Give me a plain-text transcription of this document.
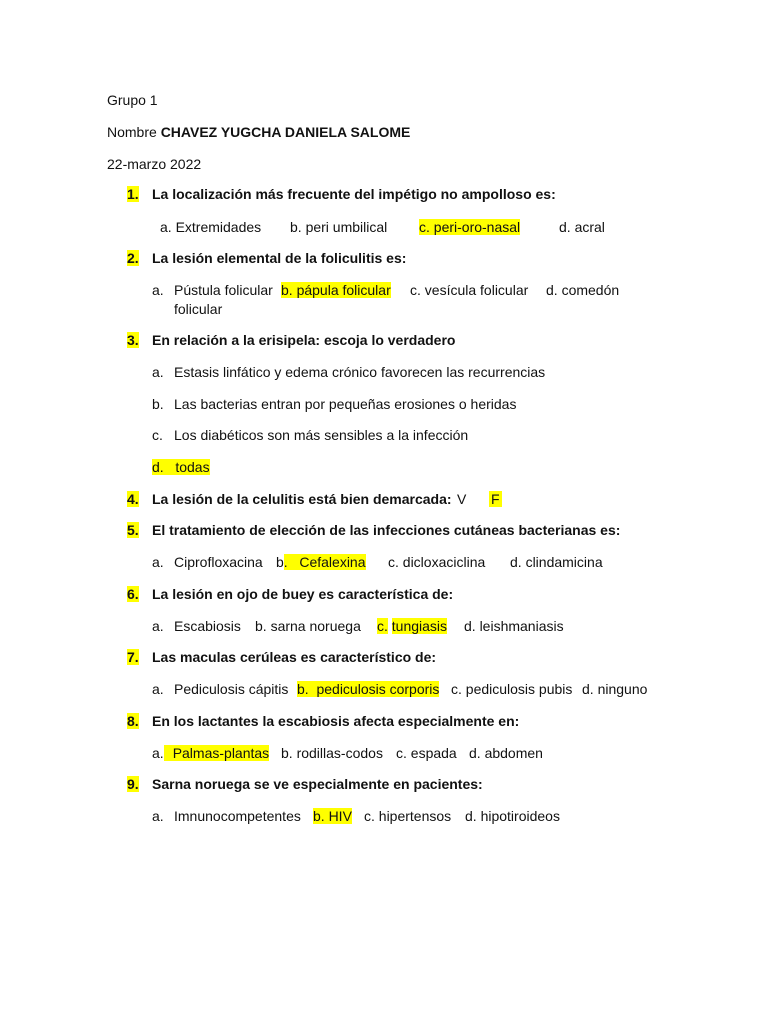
Grupo 1
Nombre CHAVEZ YUGCHA DANIELA SALOME
22-marzo 2022
1. La localización más frecuente del impétigo no ampolloso es:
a. Extremidades b. peri umbilical c. peri-oro-nasal	d. acral
2. La lesión elemental de la foliculitis es:
a. Pústula folicular b. pápula folicular c. vesícula folicular d. comedón
folicular
3. En relación a la erisipela: escoja lo verdadero
a. Estasis linfático y edema crónico favorecen las recurrencias
b. Las bacterias entran por pequeñas erosiones o heridas
c. Los diabéticos son más sensibles a la infección
d.   todas
4. La lesión de la celulitis está bien demarcada: V F
5. El tratamiento de elección de las infecciones cutáneas bacterianas es:
a. Ciprofloxacina b.   Cefalexina c. dicloxaciclina d. clindamicina
6. La lesión en ojo de buey es característica de:
a. Escabiosis b. sarna noruega c. tungiasis d. leishmaniasis
7. Las maculas cerúleas es característico de:
a. Pediculosis cápitis b.  pediculosis corporis c. pediculosis pubis d. ninguno
8. En los lactantes la escabiosis afecta especialmente en:
a. Palmas-plantas b. rodillas-codos c. espada d. abdomen
9. Sarna noruega se ve especialmente en pacientes:
a. Imnunocompetentes b. HIV c. hipertensos d. hipotiroideos
